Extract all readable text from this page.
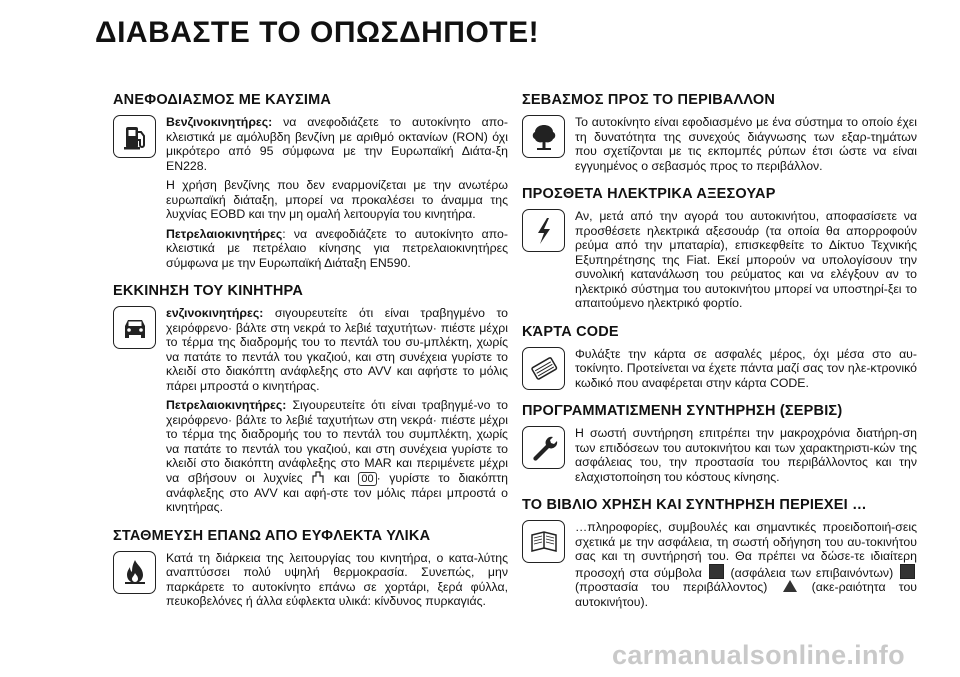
ΔΙΑΒΑΣΤΕ ΤΟ ΟΠΩΣΔΗΠΟΤΕ!
ΑΝΕΦΟΔΙΑΣΜΟΣ ΜΕ ΚΑΥΣΙΜΑ

Βενζινοκινητήρες: να ανεφοδιάζετε το αυτοκίνητο απο-κλειστικά με αμόλυβδη βενζίνη με αριθμό οκτανίων (RON) όχι μικρότερο από 95 σύμφωνα με την Ευρωπαϊκή Διάτα-ξη EN228.

Η χρήση βενζίνης που δεν εναρμονίζεται με την ανωτέρω ευρωπαϊκή διάταξη, μπορεί να προκαλέσει το άναμμα της λυχνίας EOBD και την μη ομαλή λειτουργία του κινητήρα.

Πετρελαιοκινητήρες: να ανεφοδιάζετε το αυτοκίνητο απο-κλειστικά με πετρέλαιο κίνησης για πετρελαιοκινητήρες σύμφωνα με την Ευρωπαϊκή Διάταξη EN590.

ΕΚΚΙΝΗΣΗ ΤΟΥ ΚΙΝΗΤΗΡΑ

ενζινοκινητήρες: σιγουρευτείτε ότι είναι τραβηγμένο το χειρόφρενο· βάλτε στη νεκρά το λεβιέ ταχυτήτων· πιέστε μέχρι το τέρμα της διαδρομής του το πεντάλ του συ-μπλέκτη, χωρίς να πατάτε το πεντάλ του γκαζιού, και στη συνέχεια γυρίστε το κλειδί στο διακόπτη ανάφλεξης στο AVV και αφήστε το μόλις πάρει μπροστά ο κινητήρας.

Πετρελαιοκινητήρες: Σιγουρευτείτε ότι είναι τραβηγμέ-νο το χειρόφρενο· βάλτε το λεβιέ ταχυτήτων στη νεκρά· πιέστε μέχρι το τέρμα της διαδρομής του το πεντάλ του συμπλέκτη, χωρίς να πατάτε το πεντάλ του γκαζιού, και στη συνέχεια γυρίστε το κλειδί στο διακόπτη ανάφλεξης στο MAR και περιμένετε μέχρι να σβήσουν οι λυχνίες	και 00 · γυρίστε το διακόπτη ανάφλεξης στο AVV και αφή-στε τον μόλις πάρει μπροστά ο κινητήρας.

ΣΤΑΘΜΕΥΣΗ ΕΠΑΝΩ ΑΠΟ ΕΥΦΛΕΚΤΑ ΥΛΙΚΑ

Κατά τη διάρκεια της λειτουργίας του κινητήρα, ο κατα-λύτης αναπτύσσει πολύ υψηλή θερμοκρασία. Συνεπώς, μην παρκάρετε το αυτοκίνητο επάνω σε χορτάρι, ξερά φύλλα, πευκοβελόνες ή άλλα εύφλεκτα υλικά: κίνδυνος πυρκαγιάς.

ΣΕΒΑΣΜΟΣ ΠΡΟΣ ΤΟ ΠΕΡΙΒΑΛΛΟΝ

Το αυτοκίνητο είναι εφοδιασμένο με ένα σύστημα το οποίο έχει τη δυνατότητα της συνεχούς διάγνωσης των εξαρ-τημάτων που σχετίζονται με τις εκπομπές ρύπων έτσι ώστε να είναι εγγυημένος ο σεβασμός προς το περιβάλλον.

ΠΡΟΣΘΕΤΑ ΗΛΕΚΤΡΙΚΑ ΑΞΕΣΟΥΑΡ

Αν, μετά από την αγορά του αυτοκινήτου, αποφασίσετε να προσθέσετε ηλεκτρικά αξεσουάρ (τα οποία θα απορροφούν ρεύμα από την μπαταρία), επισκεφθείτε το Δίκτυο Τεχνικής Εξυπηρέτησης της Fiat. Εκεί μπορούν να υπολογίσουν την συνολική κατανάλωση του ρεύματος και να ελέγξουν αν το ηλεκτρικό σύστημα του αυτοκινήτου μπορεί να υποστηρί-ξει το απαιτούμενο ηλεκτρικό φορτίο.

ΚΆΡΤΑ CODE

Φυλάξτε την κάρτα σε ασφαλές μέρος, όχι μέσα στο αυ-τοκίνητο. Προτείνεται να έχετε πάντα μαζί σας τον ηλε-κτρονικό κωδικό που αναφέρεται στην κάρτα CODE.

ΠΡΟΓΡΑΜΜΑΤΙΣΜΕΝΗ ΣΥΝΤΗΡΗΣΗ (ΣΕΡΒΙΣ)

Η σωστή συντήρηση επιτρέπει την μακροχρόνια διατήρη-ση των επιδόσεων του αυτοκινήτου και των χαρακτηριστι-κών της ασφάλειας του, την προστασία του περιβάλλοντος και την ελαχιστοποίηση του κόστους κίνησης.

ΤΟ ΒΙΒΛΙΟ ΧΡΗΣΗ ΚΑΙ ΣΥΝΤΗΡΗΣΗ ΠΕΡΙΕΧΕΙ …

…πληροφορίες, συμβουλές και σημαντικές προειδοποιή-σεις σχετικά με την ασφάλεια, τη σωστή οδήγηση του αυ-τοκινήτου σας και τη συντήρησή του. Θα πρέπει να δώσε-τε ιδιαίτερη προσοχή στα σύμβολα (ασφάλεια των επιβαινόντων)  (προστασία του περιβάλλοντος)	(ακε-ραιότητα του αυτοκινήτου).

carmanualsonline.info
